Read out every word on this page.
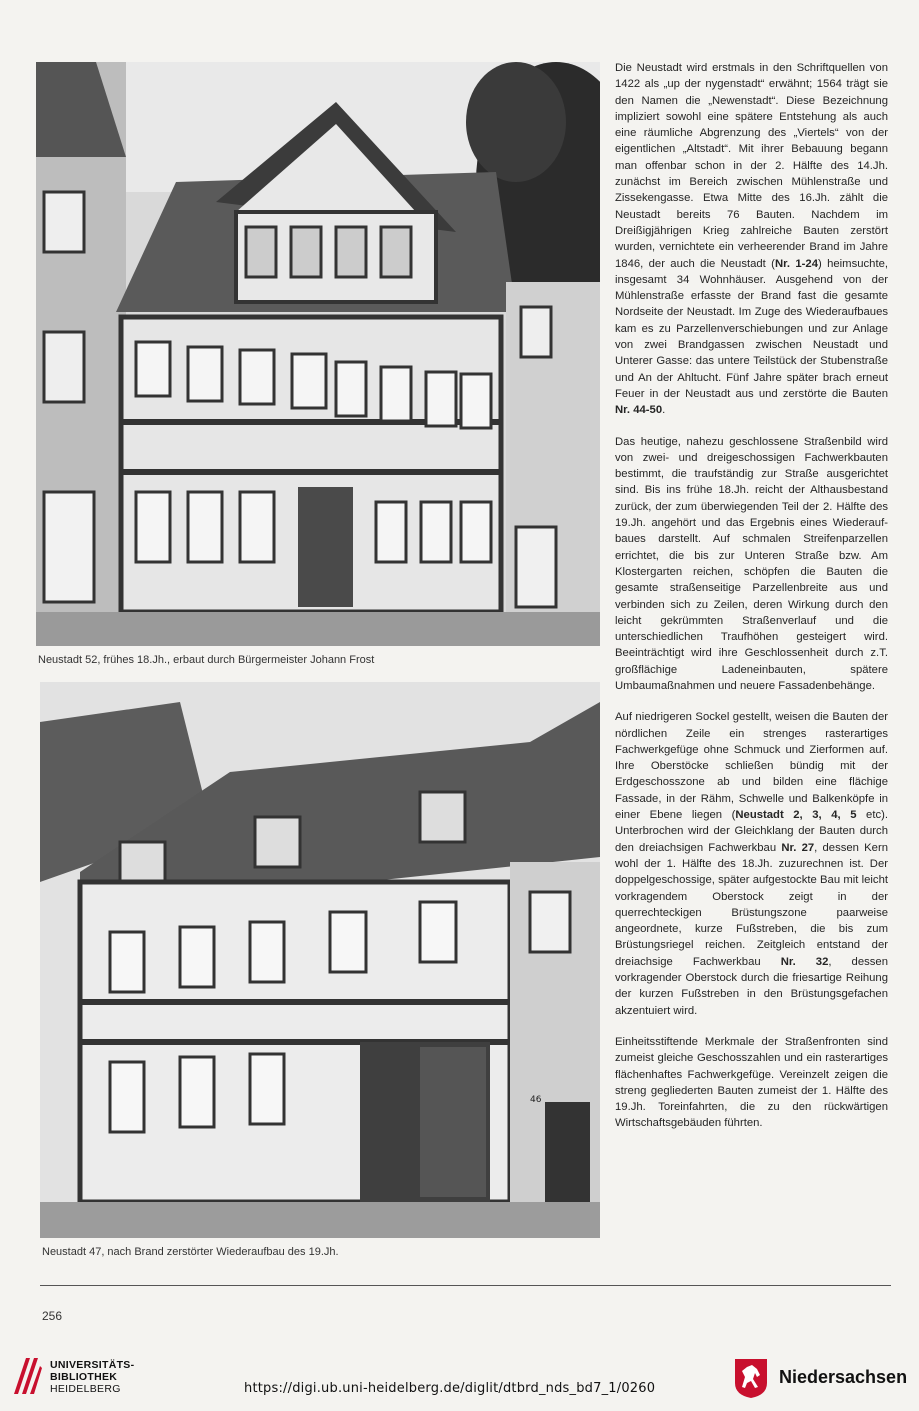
Neustadt 52, frühes 18.Jh., erbaut durch Bürgermeister Johann Frost
46
Neustadt 47, nach Brand zerstörter Wiederaufbau des 19.Jh.

Die Neustadt wird erstmals in den Schriftquellen von 1422 als „up der nygenstadt“ erwähnt; 1564 trägt sie den Namen die „Newenstadt“. Diese Bezeichnung impliziert sowohl eine spätere Entstehung als auch eine räumliche Abgrenzung des „Viertels“ von der eigentlichen „Altstadt“. Mit ihrer Bebauung begann man offenbar schon in der 2. Hälfte des 14.Jh. zunächst im Bereich zwischen Mühlenstraße und Zissekengasse. Etwa Mitte des 16.Jh. zählt die Neustadt bereits 76 Bauten. Nachdem im Dreißigjährigen Krieg zahlreiche Bauten zerstört wurden, vernichtete ein verheerender Brand im Jahre 1846, der auch die Neustadt (Nr. 1-24) heimsuchte, insgesamt 34 Wohnhäuser. Ausgehend von der Mühlenstraße erfasste der Brand fast die gesamte Nordseite der Neustadt. Im Zuge des Wiederaufbaues kam es zu Parzellenverschiebungen und zur Anlage von zwei Brandgassen zwischen Neustadt und Unterer Gasse: das untere Teilstück der Stubenstraße und An der Ahltucht. Fünf Jahre später brach erneut Feuer in der Neustadt aus und zerstörte die Bauten Nr. 44-50.

Das heutige, nahezu geschlossene Straßenbild wird von zwei- und dreigeschossigen Fachwerkbauten bestimmt, die traufständig zur Straße ausgerichtet sind. Bis ins frühe 18.Jh. reicht der Althausbestand zurück, der zum überwiegenden Teil der 2. Hälfte des 19.Jh. angehört und das Ergebnis eines Wiederaufbaues darstellt. Auf schmalen Streifenparzellen errichtet, die bis zur Unteren Straße bzw. Am Klostergarten reichen, schöpfen die Bauten die gesamte straßenseitige Parzellenbreite aus und verbinden sich zu Zeilen, deren Wirkung durch den leicht gekrümmten Straßenverlauf und die unterschiedlichen Traufhöhen gesteigert wird. Beeinträchtigt wird ihre Geschlossenheit durch z.T. großflächige Ladeneinbauten, spätere Umbaumaßnahmen und neuere Fassadenbehänge.

Auf niedrigeren Sockel gestellt, weisen die Bauten der nördlichen Zeile ein strenges rasterartiges Fachwerkgefüge ohne Schmuck und Zierformen auf. Ihre Oberstöcke schließen bündig mit der Erdgeschosszone ab und bilden eine flächige Fassade, in der Rähm, Schwelle und Balkenköpfe in einer Ebene liegen (Neustadt 2, 3, 4, 5 etc). Unterbrochen wird der Gleichklang der Bauten durch den dreiachsigen Fachwerkbau Nr. 27, dessen Kern wohl der 1. Hälfte des 18.Jh. zuzurechnen ist. Der doppelgeschossige, später aufgestockte Bau mit leicht vorkragendem Oberstock zeigt in der querrechteckigen Brüstungszone paarweise angeordnete, kurze Fußstreben, die bis zum Brüstungsriegel reichen. Zeitgleich entstand der dreiachsige Fachwerkbau Nr. 32, dessen vorkragender Oberstock durch die friesartige Reihung der kurzen Fußstreben in den Brüstungsgefachen akzentuiert wird.

Einheitsstiftende Merkmale der Straßenfronten sind zumeist gleiche Geschosszahlen und ein rasterartiges flächenhaftes Fachwerkgefüge. Vereinzelt zeigen die streng gegliederten Bauten zumeist der 1. Hälfte des 19.Jh. Toreinfahrten, die zu den rückwärtigen Wirtschaftsgebäuden führten.

256
UNIVERSITÄTS-
BIBLIOTHEK
HEIDELBERG	https://digi.ub.uni-heidelberg.de/diglit/dtbrd_nds_bd7_1/0260
Niedersachsen
